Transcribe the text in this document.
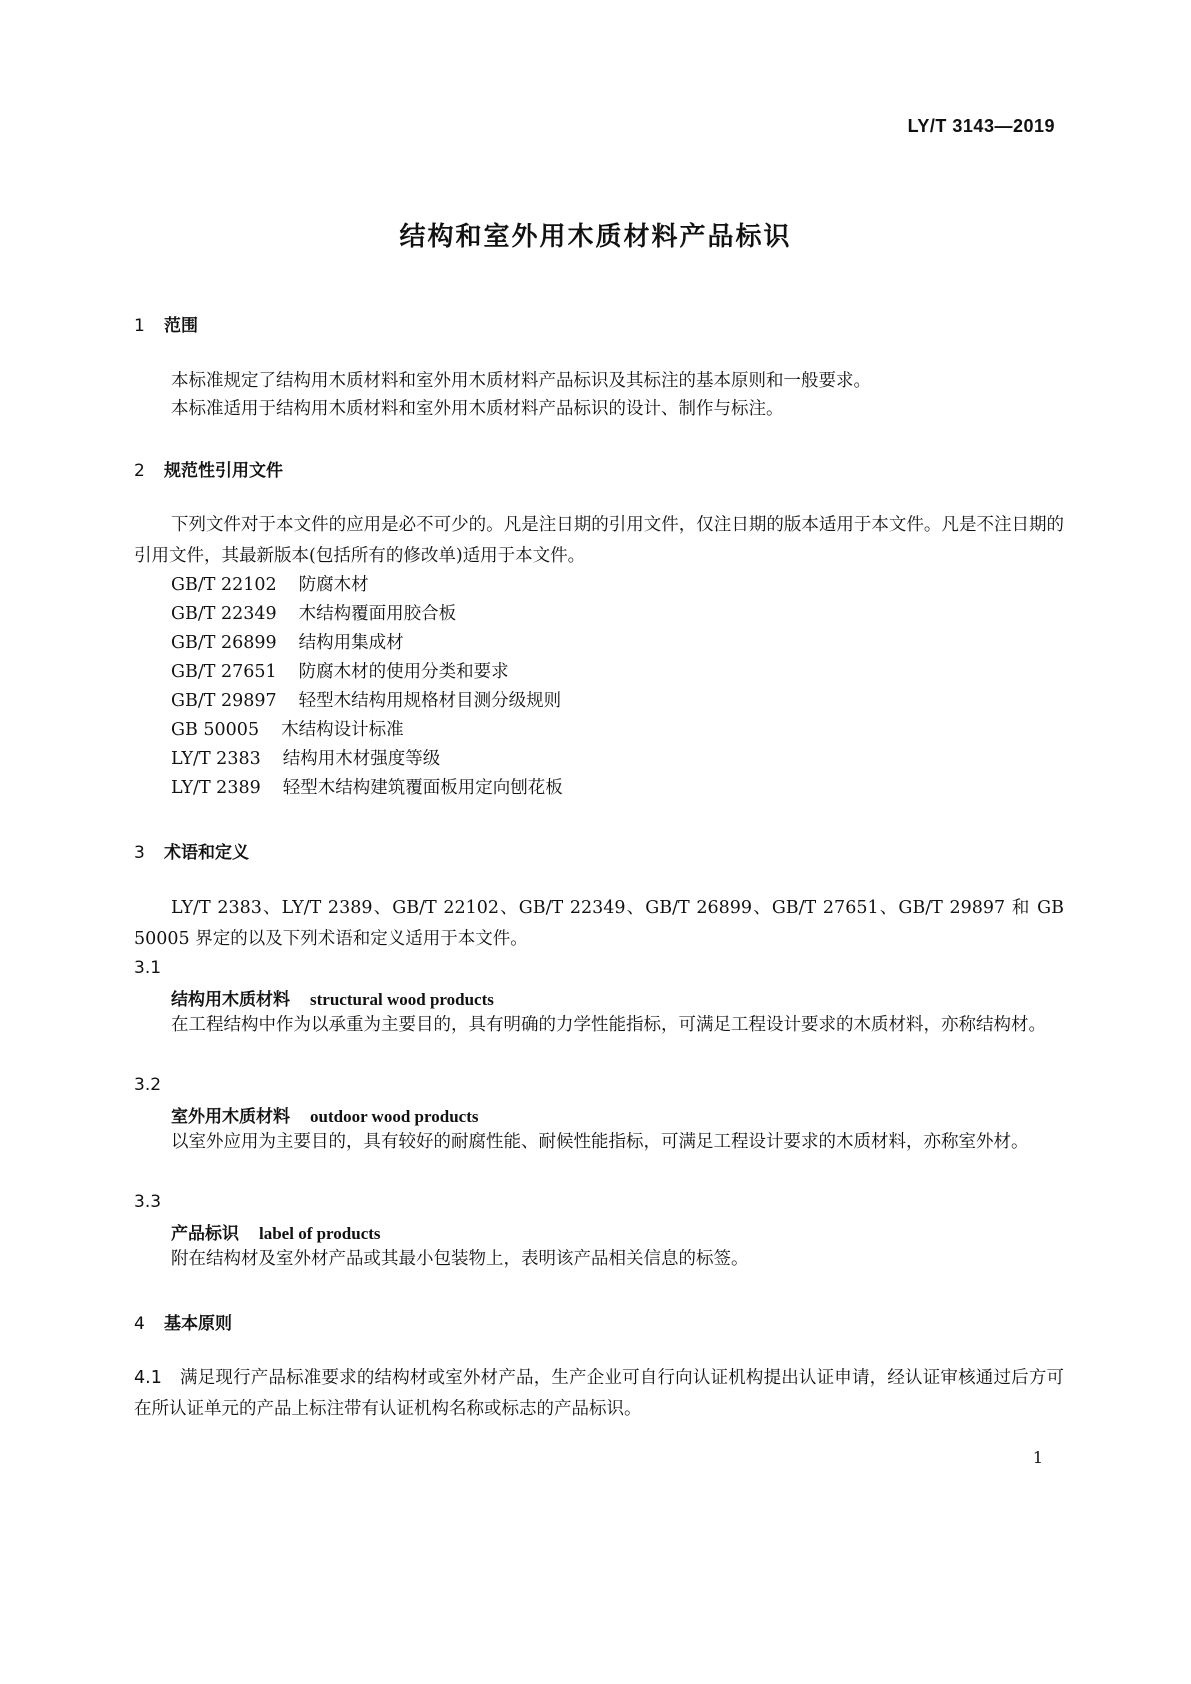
LY/T 3143—2019
结构和室外用木质材料产品标识
1 范围
本标准规定了结构用木质材料和室外用木质材料产品标识及其标注的基本原则和一般要求。
本标准适用于结构用木质材料和室外用木质材料产品标识的设计、制作与标注。
2 规范性引用文件
下列文件对于本文件的应用是必不可少的。凡是注日期的引用文件，仅注日期的版本适用于本文件。凡是不注日期的引用文件，其最新版本(包括所有的修改单)适用于本文件。
GB/T 22102 防腐木材
GB/T 22349 木结构覆面用胶合板
GB/T 26899 结构用集成材
GB/T 27651 防腐木材的使用分类和要求
GB/T 29897 轻型木结构用规格材目测分级规则
GB 50005 木结构设计标准
LY/T 2383 结构用木材强度等级
LY/T 2389 轻型木结构建筑覆面板用定向刨花板
3 术语和定义
LY/T 2383、LY/T 2389、GB/T 22102、GB/T 22349、GB/T 26899、GB/T 27651、GB/T 29897 和 GB 50005 界定的以及下列术语和定义适用于本文件。
3.1
结构用木质材料 structural wood products
在工程结构中作为以承重为主要目的，具有明确的力学性能指标，可满足工程设计要求的木质材料，亦称结构材。
3.2
室外用木质材料 outdoor wood products
以室外应用为主要目的，具有较好的耐腐性能、耐候性能指标，可满足工程设计要求的木质材料，亦称室外材。
3.3
产品标识 label of products
附在结构材及室外材产品或其最小包装物上，表明该产品相关信息的标签。
4 基本原则
4.1 满足现行产品标准要求的结构材或室外材产品，生产企业可自行向认证机构提出认证申请，经认证审核通过后方可在所认证单元的产品上标注带有认证机构名称或标志的产品标识。
1
